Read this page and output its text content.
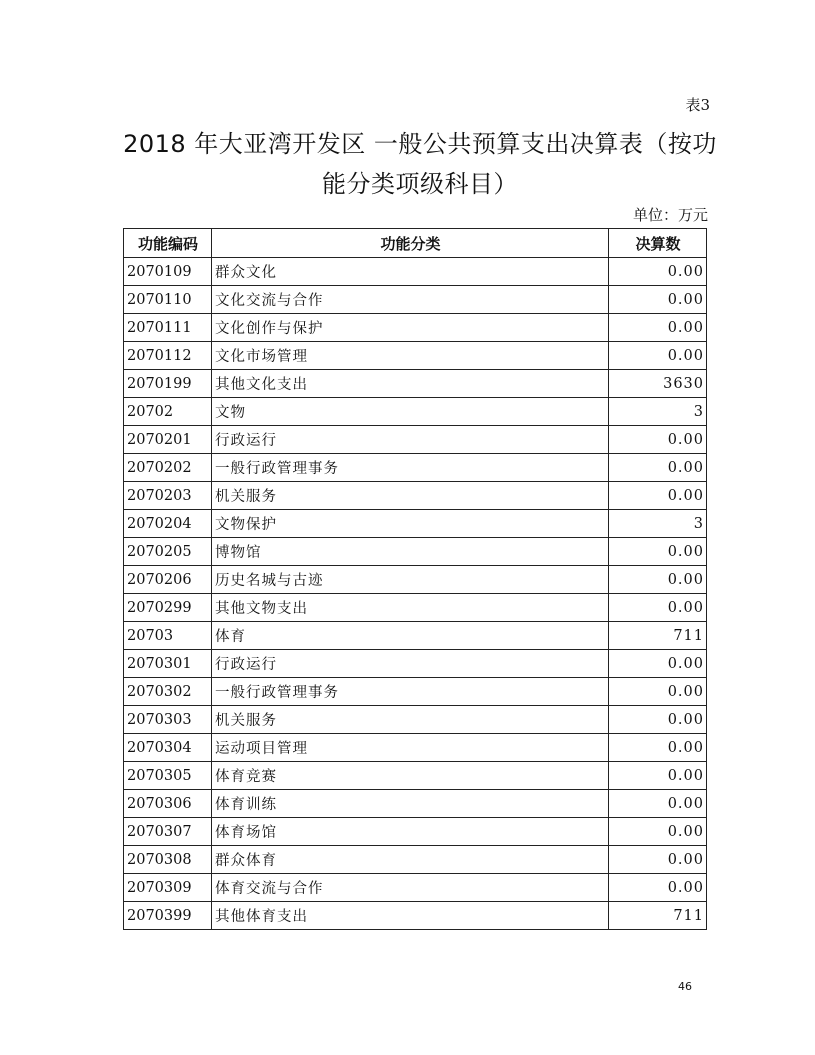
表3
2018 年大亚湾开发区 一般公共预算支出决算表（按功
能分类项级科目）
单位：万元
功能编码	功能分类	决算数
2070109	群众文化	0.00
2070110	文化交流与合作	0.00
2070111	文化创作与保护	0.00
2070112	文化市场管理	0.00
2070199	其他文化支出	3630
20702	文物	3
2070201	行政运行	0.00
2070202	一般行政管理事务	0.00
2070203	机关服务	0.00
2070204	文物保护	3
2070205	博物馆	0.00
2070206	历史名城与古迹	0.00
2070299	其他文物支出	0.00
20703	体育	711
2070301	行政运行	0.00
2070302	一般行政管理事务	0.00
2070303	机关服务	0.00
2070304	运动项目管理	0.00
2070305	体育竞赛	0.00
2070306	体育训练	0.00
2070307	体育场馆	0.00
2070308	群众体育	0.00
2070309	体育交流与合作	0.00
2070399	其他体育支出	711
46
